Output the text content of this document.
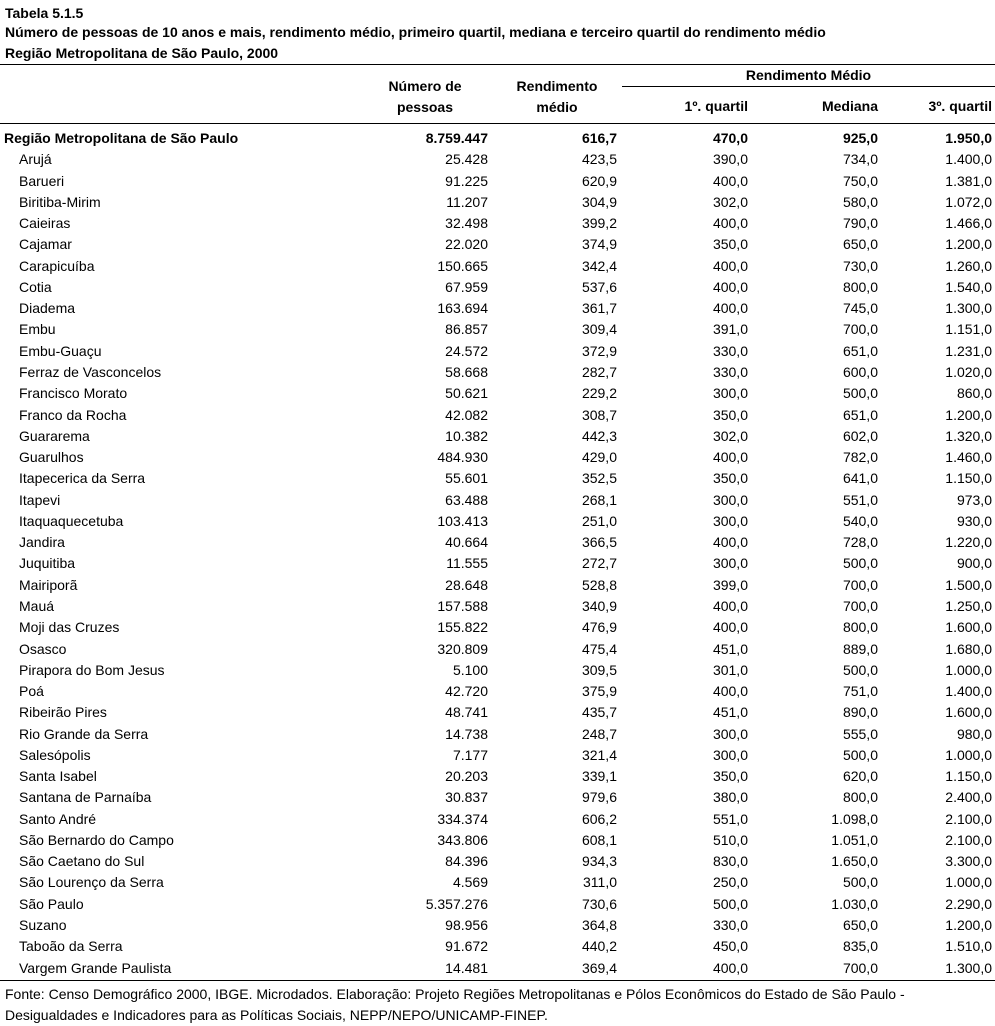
Tabela 5.1.5
Número de pessoas de 10 anos e mais, rendimento médio, primeiro quartil, mediana e terceiro quartil do rendimento médio
Região Metropolitana de São Paulo, 2000
Número de
pessoas
Rendimento
médio
Rendimento Médio
1º. quartil	Mediana	3º. quartil
Região Metropolitana de São Paulo	8.759.447	616,7	470,0	925,0	1.950,0
Arujá	25.428	423,5	390,0	734,0	1.400,0
Barueri	91.225	620,9	400,0	750,0	1.381,0
Biritiba-Mirim	11.207	304,9	302,0	580,0	1.072,0
Caieiras	32.498	399,2	400,0	790,0	1.466,0
Cajamar	22.020	374,9	350,0	650,0	1.200,0
Carapicuíba	150.665	342,4	400,0	730,0	1.260,0
Cotia	67.959	537,6	400,0	800,0	1.540,0
Diadema	163.694	361,7	400,0	745,0	1.300,0
Embu	86.857	309,4	391,0	700,0	1.151,0
Embu-Guaçu	24.572	372,9	330,0	651,0	1.231,0
Ferraz de Vasconcelos	58.668	282,7	330,0	600,0	1.020,0
Francisco Morato	50.621	229,2	300,0	500,0	860,0
Franco da Rocha	42.082	308,7	350,0	651,0	1.200,0
Guararema	10.382	442,3	302,0	602,0	1.320,0
Guarulhos	484.930	429,0	400,0	782,0	1.460,0
Itapecerica da Serra	55.601	352,5	350,0	641,0	1.150,0
Itapevi	63.488	268,1	300,0	551,0	973,0
Itaquaquecetuba	103.413	251,0	300,0	540,0	930,0
Jandira	40.664	366,5	400,0	728,0	1.220,0
Juquitiba	11.555	272,7	300,0	500,0	900,0
Mairiporã	28.648	528,8	399,0	700,0	1.500,0
Mauá	157.588	340,9	400,0	700,0	1.250,0
Moji das Cruzes	155.822	476,9	400,0	800,0	1.600,0
Osasco	320.809	475,4	451,0	889,0	1.680,0
Pirapora do Bom Jesus	5.100	309,5	301,0	500,0	1.000,0
Poá	42.720	375,9	400,0	751,0	1.400,0
Ribeirão Pires	48.741	435,7	451,0	890,0	1.600,0
Rio Grande da Serra	14.738	248,7	300,0	555,0	980,0
Salesópolis	7.177	321,4	300,0	500,0	1.000,0
Santa Isabel	20.203	339,1	350,0	620,0	1.150,0
Santana de Parnaíba	30.837	979,6	380,0	800,0	2.400,0
Santo André	334.374	606,2	551,0	1.098,0	2.100,0
São Bernardo do Campo	343.806	608,1	510,0	1.051,0	2.100,0
São Caetano do Sul	84.396	934,3	830,0	1.650,0	3.300,0
São Lourenço da Serra	4.569	311,0	250,0	500,0	1.000,0
São Paulo	5.357.276	730,6	500,0	1.030,0	2.290,0
Suzano	98.956	364,8	330,0	650,0	1.200,0
Taboão da Serra	91.672	440,2	450,0	835,0	1.510,0
Vargem Grande Paulista	14.481	369,4	400,0	700,0	1.300,0
Fonte: Censo Demográfico 2000, IBGE. Microdados. Elaboração: Projeto Regiões Metropolitanas e Pólos Econômicos do Estado de São Paulo - Desigualdades e Indicadores para as Políticas Sociais, NEPP/NEPO/UNICAMP-FINEP.
